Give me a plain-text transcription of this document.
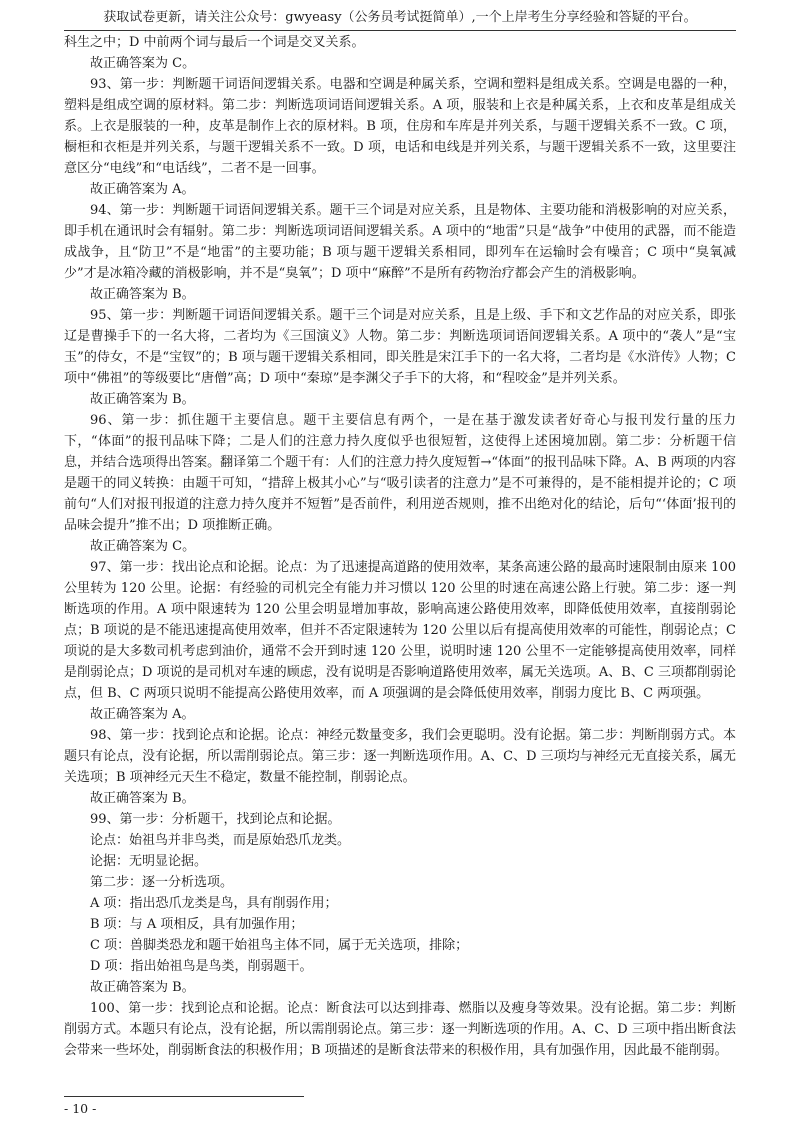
获取试卷更新，请关注公众号：gwyeasy（公务员考试挺简单）,一个上岸考生分享经验和答疑的平台。

科生之中；D 中前两个词与最后一个词是交叉关系。

故正确答案为 C。

93、第一步：判断题干词语间逻辑关系。电器和空调是种属关系，空调和塑料是组成关系。空调是电器的一种，塑料是组成空调的原材料。第二步：判断选项词语间逻辑关系。A 项，服装和上衣是种属关系，上衣和皮革是组成关系。上衣是服装的一种，皮革是制作上衣的原材料。B 项，住房和车库是并列关系，与题干逻辑关系不一致。C 项，橱柜和衣柜是并列关系，与题干逻辑关系不一致。D 项，电话和电线是并列关系，与题干逻辑关系不一致，这里要注意区分“电线”和“电话线”，二者不是一回事。

故正确答案为 A。

94、第一步：判断题干词语间逻辑关系。题干三个词是对应关系，且是物体、主要功能和消极影响的对应关系，即手机在通讯时会有辐射。第二步：判断选项词语间逻辑关系。A 项中的“地雷”只是“战争”中使用的武器，而不能造成战争，且“防卫”不是“地雷”的主要功能；B 项与题干逻辑关系相同，即列车在运输时会有噪音；C 项中“臭氧减少”才是冰箱冷藏的消极影响，并不是“臭氧”；D 项中“麻醉”不是所有药物治疗都会产生的消极影响。

故正确答案为 B。

95、第一步：判断题干词语间逻辑关系。题干三个词是对应关系，且是上级、手下和文艺作品的对应关系，即张辽是曹操手下的一名大将，二者均为《三国演义》人物。第二步：判断选项词语间逻辑关系。A 项中的“袭人”是“宝玉”的侍女，不是“宝钗”的；B 项与题干逻辑关系相同，即关胜是宋江手下的一名大将，二者均是《水浒传》人物；C 项中“佛祖”的等级要比“唐僧”高；D 项中“秦琼”是李渊父子手下的大将，和“程咬金”是并列关系。

故正确答案为 B。

96、第一步：抓住题干主要信息。题干主要信息有两个，一是在基于激发读者好奇心与报刊发行量的压力下，“体面”的报刊品味下降；二是人们的注意力持久度似乎也很短暂，这使得上述困境加剧。第二步：分析题干信息，并结合选项得出答案。翻译第二个题干有：人们的注意力持久度短暂→“体面”的报刊品味下降。A、B 两项的内容是题干的同义转换：由题干可知，“措辞上极其小心”与“吸引读者的注意力”是不可兼得的，是不能相提并论的；C 项前句“人们对报刊报道的注意力持久度并不短暂”是否前件，利用逆否规则，推不出绝对化的结论，后句“‘体面’报刊的品味会提升”推不出；D 项推断正确。

故正确答案为 C。

97、第一步：找出论点和论据。论点：为了迅速提高道路的使用效率，某条高速公路的最高时速限制由原来 100 公里转为 120 公里。论据：有经验的司机完全有能力并习惯以 120 公里的时速在高速公路上行驶。第二步：逐一判断选项的作用。A 项中限速转为 120 公里会明显增加事故，影响高速公路使用效率，即降低使用效率，直接削弱论点；B 项说的是不能迅速提高使用效率，但并不否定限速转为 120 公里以后有提高使用效率的可能性，削弱论点；C 项说的是大多数司机考虑到油价，通常不会开到时速 120 公里，说明时速 120 公里不一定能够提高使用效率，同样是削弱论点；D 项说的是司机对车速的顾虑，没有说明是否影响道路使用效率，属无关选项。A、B、C 三项都削弱论点，但 B、C 两项只说明不能提高公路使用效率，而 A 项强调的是会降低使用效率，削弱力度比 B、C 两项强。

故正确答案为 A。

98、第一步：找到论点和论据。论点：神经元数量变多，我们会更聪明。没有论据。第二步：判断削弱方式。本题只有论点，没有论据，所以需削弱论点。第三步：逐一判断选项作用。A、C、D 三项均与神经元无直接关系，属无关选项；B 项神经元天生不稳定，数量不能控制，削弱论点。

故正确答案为 B。

99、第一步：分析题干，找到论点和论据。

论点：始祖鸟并非鸟类，而是原始恐爪龙类。

论据：无明显论据。

第二步：逐一分析选项。

A 项：指出恐爪龙类是鸟，具有削弱作用；

B 项：与 A 项相反，具有加强作用；

C 项：兽脚类恐龙和题干始祖鸟主体不同，属于无关选项，排除；

D 项：指出始祖鸟是鸟类，削弱题干。

故正确答案为 B。

100、第一步：找到论点和论据。论点：断食法可以达到排毒、燃脂以及瘦身等效果。没有论据。第二步：判断削弱方式。本题只有论点，没有论据，所以需削弱论点。第三步：逐一判断选项的作用。A、C、D 三项中指出断食法会带来一些坏处，削弱断食法的积极作用；B 项描述的是断食法带来的积极作用，具有加强作用，因此最不能削弱。

- 10 -
